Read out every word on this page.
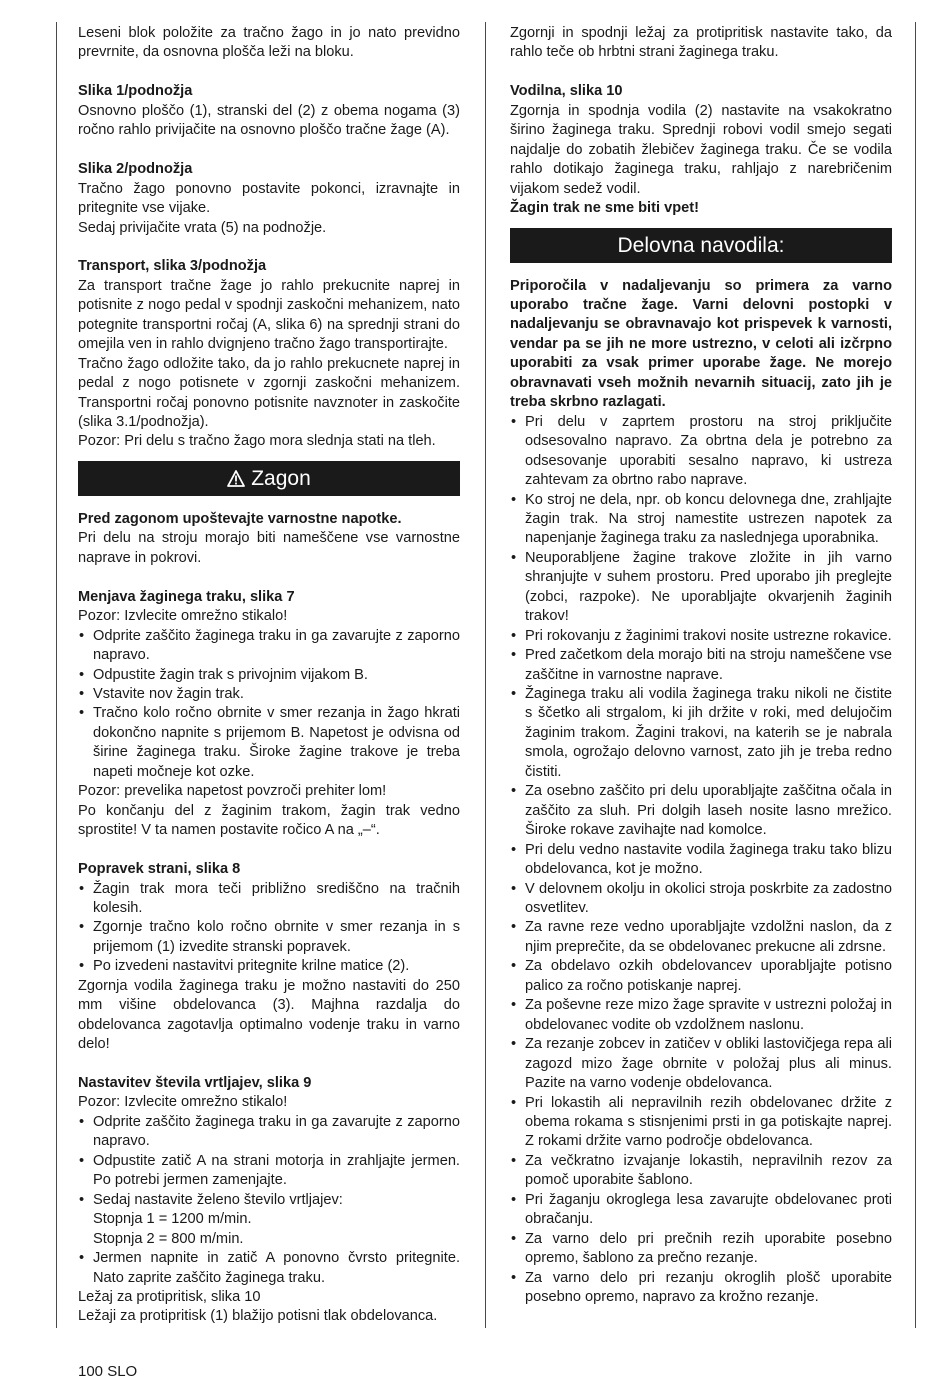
Leseni blok položite za tračno žago in jo nato previdno prevrnite, da osnovna plošča leži na bloku.

Slika 1/podnožja

Osnovno ploščo (1), stranski del (2) z obema nogama (3) ročno rahlo privijačite na osnovno ploščo tračne žage (A).

Slika 2/podnožja

Tračno žago ponovno postavite pokonci, izravnajte in pritegnite vse vijake.

Sedaj privijačite vrata (5) na podnožje.

Transport, slika 3/podnožja

Za transport tračne žage jo rahlo prekucnite naprej in potisnite z nogo pedal v spodnji zaskočni mehanizem, nato potegnite transportni ročaj (A, slika 6) na sprednji strani do omejila ven in rahlo dvignjeno tračno žago transportirajte.

Tračno žago odložite tako, da jo rahlo prekucnete naprej in pedal z nogo potisnete v zgornji zaskočni mehanizem. Transportni ročaj ponovno potisnite navznoter in zaskočite (slika 3.1/podnožja).

Pozor: Pri delu s tračno žago mora slednja stati na tleh.

Zagon

Pred zagonom upoštevajte varnostne napotke.

Pri delu na stroju morajo biti nameščene vse varnostne naprave in pokrovi.

Menjava žaginega traku, slika 7

Pozor: Izvlecite omrežno stikalo!

• Odprite zaščito žaginega traku in ga zavarujte z zaporno napravo.
• Odpustite žagin trak s privojnim vijakom B.
• Vstavite nov žagin trak.
• Tračno kolo ročno obrnite v smer rezanja in žago hkrati dokončno napnite s prijemom B. Napetost je odvisna od širine žaginega traku. Široke žagine trakove je treba napeti močneje kot ozke.

Pozor: prevelika napetost povzroči prehiter lom!

Po končanju del z žaginim trakom, žagin trak vedno sprostite! V ta namen postavite ročico A na „–“.

Popravek strani, slika 8

• Žagin trak mora teči približno središčno na tračnih kolesih.
• Zgornje tračno kolo ročno obrnite v smer rezanja in s prijemom (1) izvedite stranski popravek.
• Po izvedeni nastavitvi pritegnite krilne matice (2).

Zgornja vodila žaginega traku je možno nastaviti do 250 mm višine obdelovanca (3). Majhna razdalja do obdelovanca zagotavlja optimalno vodenje traku in varno delo!

Nastavitev števila vrtljajev, slika 9

Pozor: Izvlecite omrežno stikalo!

• Odprite zaščito žaginega traku in ga zavarujte z zaporno napravo.
• Odpustite zatič A na strani motorja in zrahljajte jermen. Po potrebi jermen zamenjajte.
• Sedaj nastavite želeno število vrtljajev:
Stopnja 1 = 1200 m/min.
Stopnja 2 = 800 m/min.
• Jermen napnite in zatič A ponovno čvrsto pritegnite. Nato zaprite zaščito žaginega traku.

Ležaj za protipritisk, slika 10

Ležaji za protipritisk (1) blažijo potisni tlak obdelovanca.

Zgornji in spodnji ležaj za protipritisk nastavite tako, da rahlo teče ob hrbtni strani žaginega traku.

Vodilna, slika 10

Zgornja in spodnja vodila (2) nastavite na vsakokratno širino žaginega traku. Sprednji robovi vodil smejo segati najdalje do zobatih žlebičev žaginega traku. Če se vodila rahlo dotikajo žaginega traku, rahljajo z narebričenim vijakom sedež vodil.

Žagin trak ne sme biti vpet!

Delovna navodila:

Priporočila v nadaljevanju so primera za varno uporabo tračne žage. Varni delovni postopki v nadaljevanju se obravnavajo kot prispevek k varnosti, vendar pa se jih ne more ustrezno, v celoti ali izčrpno uporabiti za vsak primer uporabe žage. Ne morejo obravnavati vseh možnih nevarnih situacij, zato jih je treba skrbno razlagati.

• Pri delu v zaprtem prostoru na stroj priključite odsesovalno napravo. Za obrtna dela je potrebno za odsesovanje uporabiti sesalno napravo, ki ustreza zahtevam za obrtno rabo naprave.
• Ko stroj ne dela, npr. ob koncu delovnega dne, zrahljajte žagin trak. Na stroj namestite ustrezen napotek za napenjanje žaginega traku za naslednjega uporabnika.
• Neuporabljene žagine trakove zložite in jih varno shranjujte v suhem prostoru. Pred uporabo jih preglejte (zobci, razpoke). Ne uporabljajte okvarjenih žaginih trakov!
• Pri rokovanju z žaginimi trakovi nosite ustrezne rokavice.
• Pred začetkom dela morajo biti na stroju nameščene vse zaščitne in varnostne naprave.
• Žaginega traku ali vodila žaginega traku nikoli ne čistite s ščetko ali strgalom, ki jih držite v roki, med delujočim žaginim trakom. Žagini trakovi, na katerih se je nabrala smola, ogrožajo delovno varnost, zato jih je treba redno čistiti.
• Za osebno zaščito pri delu uporabljajte zaščitna očala in zaščito za sluh. Pri dolgih laseh nosite lasno mrežico. Široke rokave zavihajte nad komolce.
• Pri delu vedno nastavite vodila žaginega traku tako blizu obdelovanca, kot je možno.
• V delovnem okolju in okolici stroja poskrbite za zadostno osvetlitev.
• Za ravne reze vedno uporabljajte vzdolžni naslon, da z njim preprečite, da se obdelovanec prekucne ali zdrsne.
• Za obdelavo ozkih obdelovancev uporabljajte potisno palico za ročno potiskanje naprej.
• Za poševne reze mizo žage spravite v ustrezni položaj in obdelovanec vodite ob vzdolžnem naslonu.
• Za rezanje zobcev in zatičev v obliki lastovičjega repa ali zagozd mizo žage obrnite v položaj plus ali minus. Pazite na varno vodenje obdelovanca.
• Pri lokastih ali nepravilnih rezih obdelovanec držite z obema rokama s stisnjenimi prsti in ga potiskajte naprej. Z rokami držite varno področje obdelovanca.
• Za večkratno izvajanje lokastih, nepravilnih rezov za pomoč uporabite šablono.
• Pri žaganju okroglega lesa zavarujte obdelovanec proti obračanju.
• Za varno delo pri prečnih rezih uporabite posebno opremo, šablono za prečno rezanje.
• Za varno delo pri rezanju okroglih plošč uporabite posebno opremo, napravo za krožno rezanje.
100 SLO
